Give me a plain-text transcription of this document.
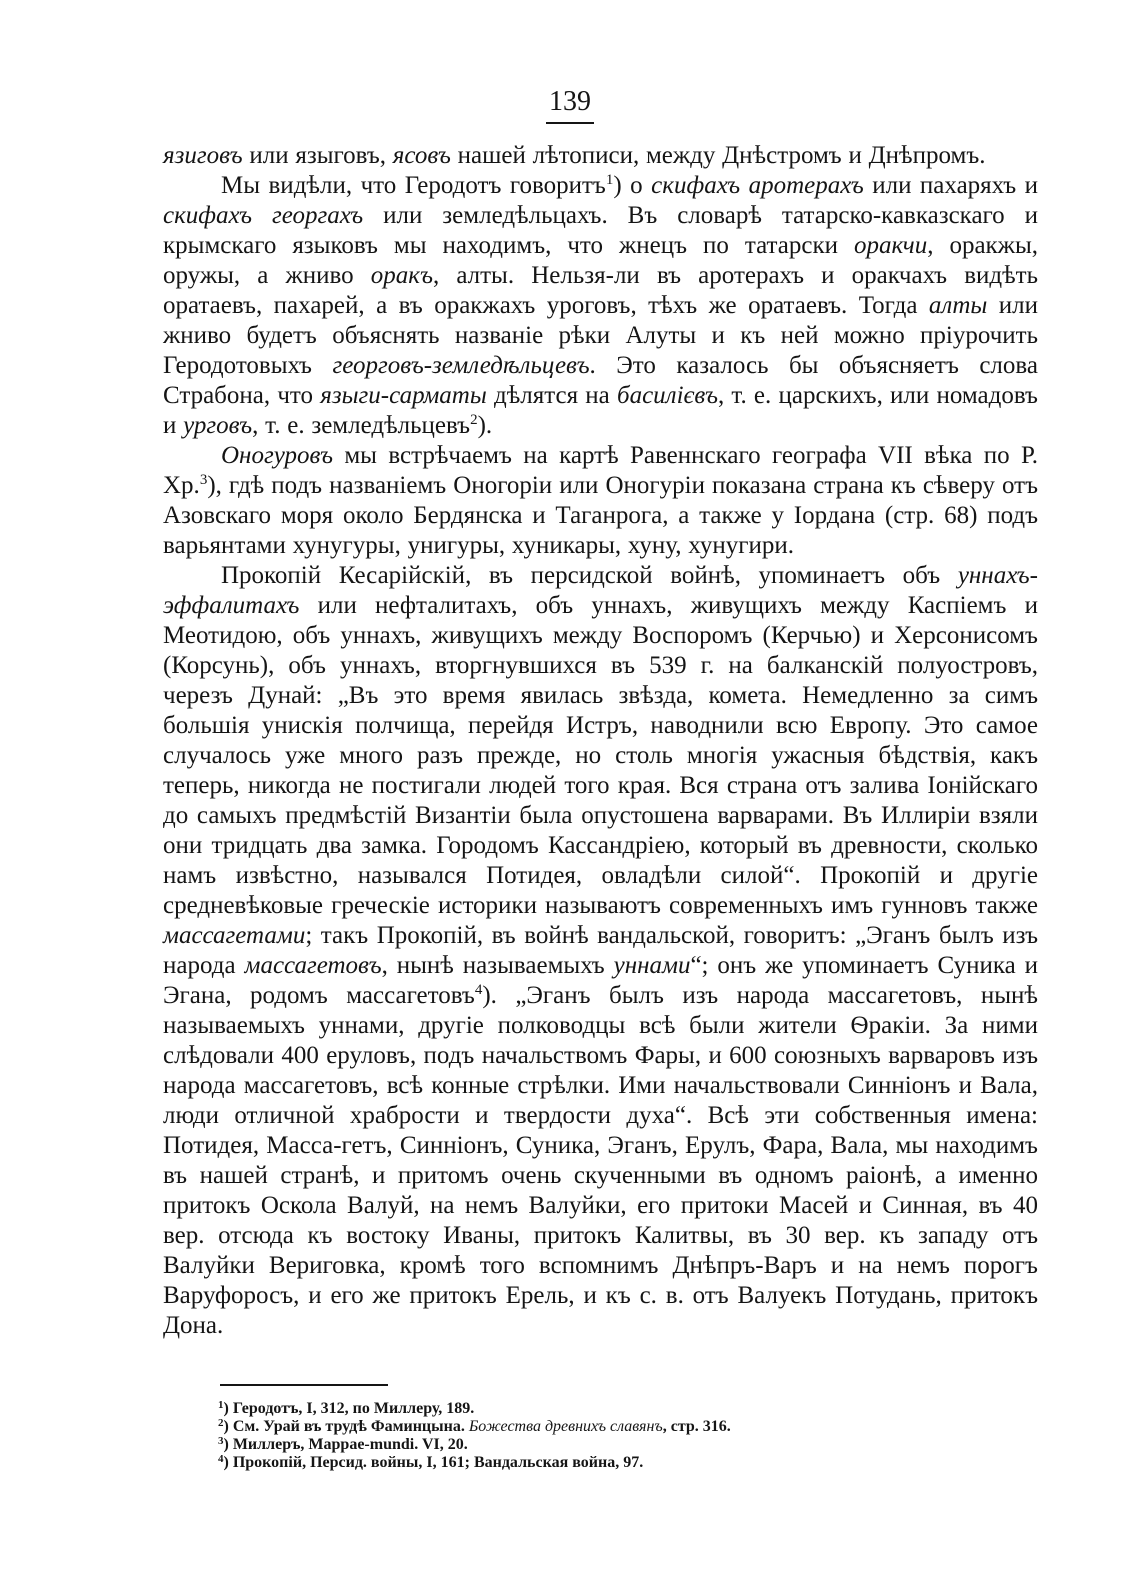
139

язиговъ или языговъ, ясовъ нашей лѣтописи, между Днѣстромъ и Днѣпромъ.

Мы видѣли, что Геродотъ говоритъ$^1$) о скифахъ аротерахъ или пахаряхъ и скифахъ георгахъ или земледѣльцахъ. Въ словарѣ татарско-кавказскаго и крымскаго языковъ мы находимъ, что жнецъ по татарски оракчи, оракжы, оружы, а жниво оракъ, алты. Нельзя-ли въ аротерахъ и оракчахъ видѣть оратаевъ, пахарей, а въ оракжахъ уроговъ, тѣхъ же оратаевъ. Тогда алты или жниво будетъ объяснять названіе рѣки Алуты и къ ней можно пріурочить Геродотовыхъ георговъ-земледѣльцевъ. Это казалось бы объясняетъ слова Страбона, что языги-сарматы дѣлятся на басилієвъ, т. е. царскихъ, или номадовъ и урговъ, т. е. земледѣльцевъ$^2$).

Оногуровъ мы встрѣчаемъ на картѣ Равеннскаго географа VII вѣка по Р. Хр.$^3$), гдѣ подъ названіемъ Оногоріи или Оногуріи показана страна къ сѣверу отъ Азовскаго моря около Бердянска и Таганрога, а также у Іордана (стр. 68) подъ варьянтами хунугуры, унигуры, хуникары, хуну, хунугири.

Прокопій Кесарійскій, въ персидской войнѣ, упоминаетъ объ уннахъ-эффалитахъ или нефталитахъ, объ уннахъ, живущихъ между Каспіемъ и Меотидою, объ уннахъ, живущихъ между Воспоромъ (Керчью) и Херсонисомъ (Корсунь), объ уннахъ, вторгнувшихся въ 539 г. на балканскій полуостровъ, черезъ Дунай: „Въ это время явилась звѣзда, комета. Немедленно за симъ большія унискія полчища, перейдя Истръ, наводнили всю Европу. Это самое случалось уже много разъ прежде, но столь многія ужасныя бѣдствія, какъ теперь, никогда не постигали людей того края. Вся страна отъ залива Іонійскаго до самыхъ предмѣстій Византіи была опустошена варварами. Въ Иллиріи взяли они тридцать два замка. Городомъ Кассандріею, который въ древности, сколько намъ извѣстно, назывался Потидея, овладѣли силой“. Прокопій и другіе средневѣковые греческіе историки называютъ современныхъ имъ гунновъ также массагетами; такъ Прокопій, въ войнѣ вандальской, говоритъ: „Эганъ былъ изъ народа массагетовъ, нынѣ называемыхъ уннами“; онъ же упоминаетъ Суника и Эгана, родомъ массагетовъ$^4$). „Эганъ былъ изъ народа массагетовъ, нынѣ называемыхъ уннами, другіе полководцы всѣ были жители Ѳракіи. За ними слѣдовали 400 еруловъ, подъ начальствомъ Фары, и 600 союзныхъ варваровъ изъ народа массагетовъ, всѣ конные стрѣлки. Ими начальствовали Синніонъ и Вала, люди отличной храбрости и твердости духа“. Всѣ эти собственныя имена: Потидея, Масса-гетъ, Синніонъ, Суника, Эганъ, Ерулъ, Фара, Вала, мы находимъ въ нашей странѣ, и притомъ очень скученными въ одномъ раіонѣ, а именно притокъ Оскола Валуй, на немъ Валуйки, его притоки Масей и Синная, въ 40 вер. отсюда къ востоку Иваны, притокъ Калитвы, въ 30 вер. къ западу отъ Валуйки Вериговка, кромѣ того вспомнимъ Днѣпръ-Варъ и на немъ порогъ Варуфоросъ, и его же притокъ Ерель, и къ с. в. отъ Валуекъ Потудань, притокъ Дона.

$^1$) Геродотъ, I, 312, по Миллеру, 189.
$^2$) См. Урай въ трудѣ Фаминцына. Божества древнихъ славянъ, стр. 316.
$^3$) Миллеръ, Mappae-mundi. VI, 20.
$^4$) Прокопій, Персид. войны, I, 161; Вандальская война, 97.
